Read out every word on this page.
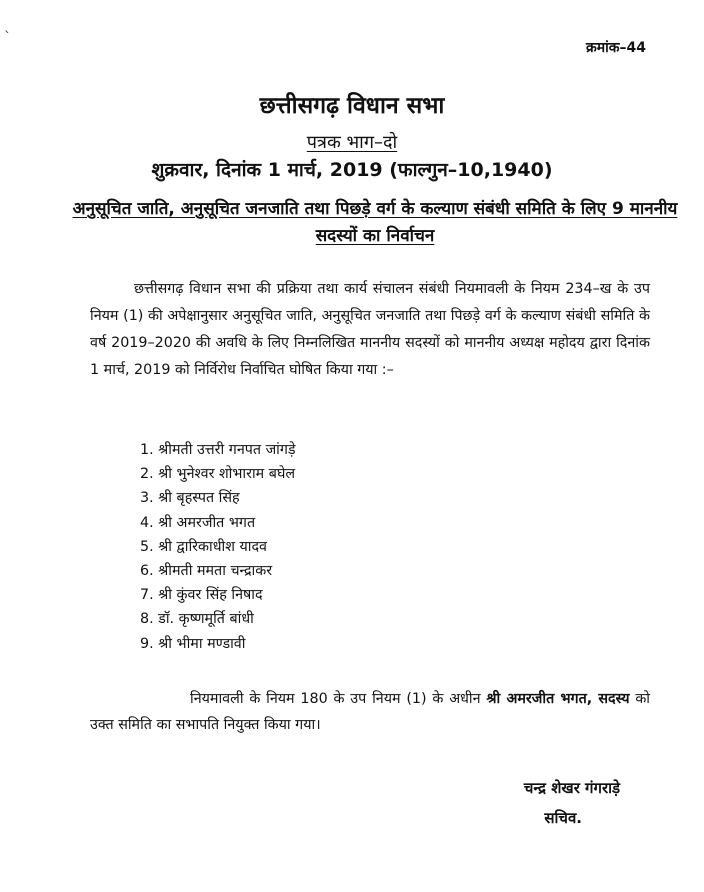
`
क्रमांक–44
छत्तीसगढ़ विधान सभा
पत्रक भाग–दो
शुक्रवार, दिनांक 1 मार्च, 2019 (फाल्गुन–10,1940)
अनुसूचित जाति, अनुसूचित जनजाति तथा पिछड़े वर्ग के कल्याण संबंधी समिति के लिए 9 माननीय सदस्यों का निर्वाचन
छत्तीसगढ़ विधान सभा की प्रक्रिया तथा कार्य संचालन संबंधी नियमावली के नियम 234–ख के उप नियम (1) की अपेक्षानुसार अनुसूचित जाति, अनुसूचित जनजाति तथा पिछड़े वर्ग के कल्याण संबंधी समिति के वर्ष 2019–2020 की अवधि के लिए निम्नलिखित माननीय सदस्यों को माननीय अध्यक्ष महोदय द्वारा दिनांक 1 मार्च, 2019 को निर्विरोध निर्वाचित घोषित किया गया :–
1. श्रीमती उत्तरी गनपत जांगड़े
2. श्री भुनेश्वर शोभाराम बघेल
3. श्री बृहस्पत सिंह
4. श्री अमरजीत भगत
5. श्री द्वारिकाधीश यादव
6. श्रीमती ममता चन्द्राकर
7. श्री कुंवर सिंह निषाद
8. डॉ. कृष्णमूर्ति बांधी
9. श्री भीमा मण्डावी
नियमावली के नियम 180 के उप नियम (1) के अधीन श्री अमरजीत भगत, सदस्य को उक्त समिति का सभापति नियुक्त किया गया।
चन्द्र शेखर गंगराड़े
सचिव.
